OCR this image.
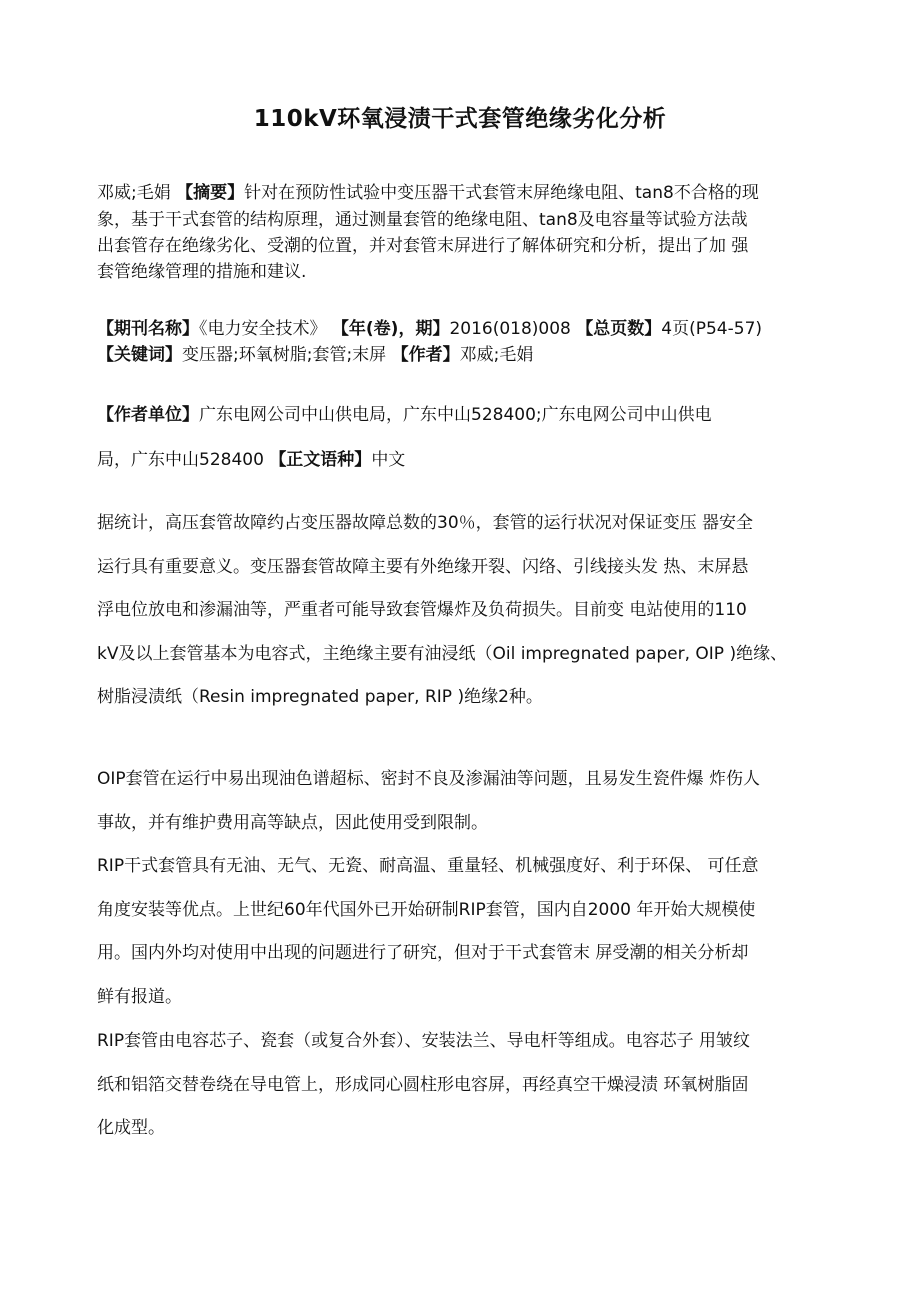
110kV环氧浸渍干式套管绝缘劣化分析
邓威;毛娟 【摘要】针对在预防性试验中变压器干式套管末屏绝缘电阻、tan8不合格的现
象，基于干式套管的结构原理，通过测量套管的绝缘电阻、tan8及电容量等试验方法哉
出套管存在绝缘劣化、受潮的位置，并对套管末屏进行了解体研究和分析，提出了加 强
套管绝缘管理的措施和建议.
【期刊名称】《电力安全技术》 【年(卷)，期】2016(018)008 【总页数】4页(P54-57)
【关键词】变压器;环氧树脂;套管;末屏 【作者】邓威;毛娟
【作者单位】广东电网公司中山供电局，广东中山528400;广东电网公司中山供电
局，广东中山528400 【正文语种】中文
据统计，高压套管故障约占变压器故障总数的30％，套管的运行状况对保证变压 器安全
运行具有重要意义。变压器套管故障主要有外绝缘开裂、闪络、引线接头发 热、末屏悬
浮电位放电和渗漏油等，严重者可能导致套管爆炸及负荷损失。目前变 电站使用的110
kV及以上套管基本为电容式，主绝缘主要有油浸纸（Oil impregnated paper, OIP )绝缘、
树脂浸渍纸（Resin impregnated paper, RIP )绝缘2种。
OIP套管在运行中易出现油色谱超标、密封不良及渗漏油等问题，且易发生瓷件爆 炸伤人
事故，并有维护费用高等缺点，因此使用受到限制。
RIP干式套管具有无油、无气、无瓷、耐高温、重量轻、机械强度好、利于环保、 可任意
角度安装等优点。上世纪60年代国外已开始研制RIP套管，国内自2000 年开始大规模使
用。国内外均对使用中出现的问题进行了研究，但对于干式套管末 屏受潮的相关分析却
鲜有报道。
RIP套管由电容芯子、瓷套（或复合外套）、安装法兰、导电杆等组成。电容芯子 用皱纹
纸和铝箔交替卷绕在导电管上，形成同心圆柱形电容屏，再经真空干燥浸渍 环氧树脂固
化成型。
